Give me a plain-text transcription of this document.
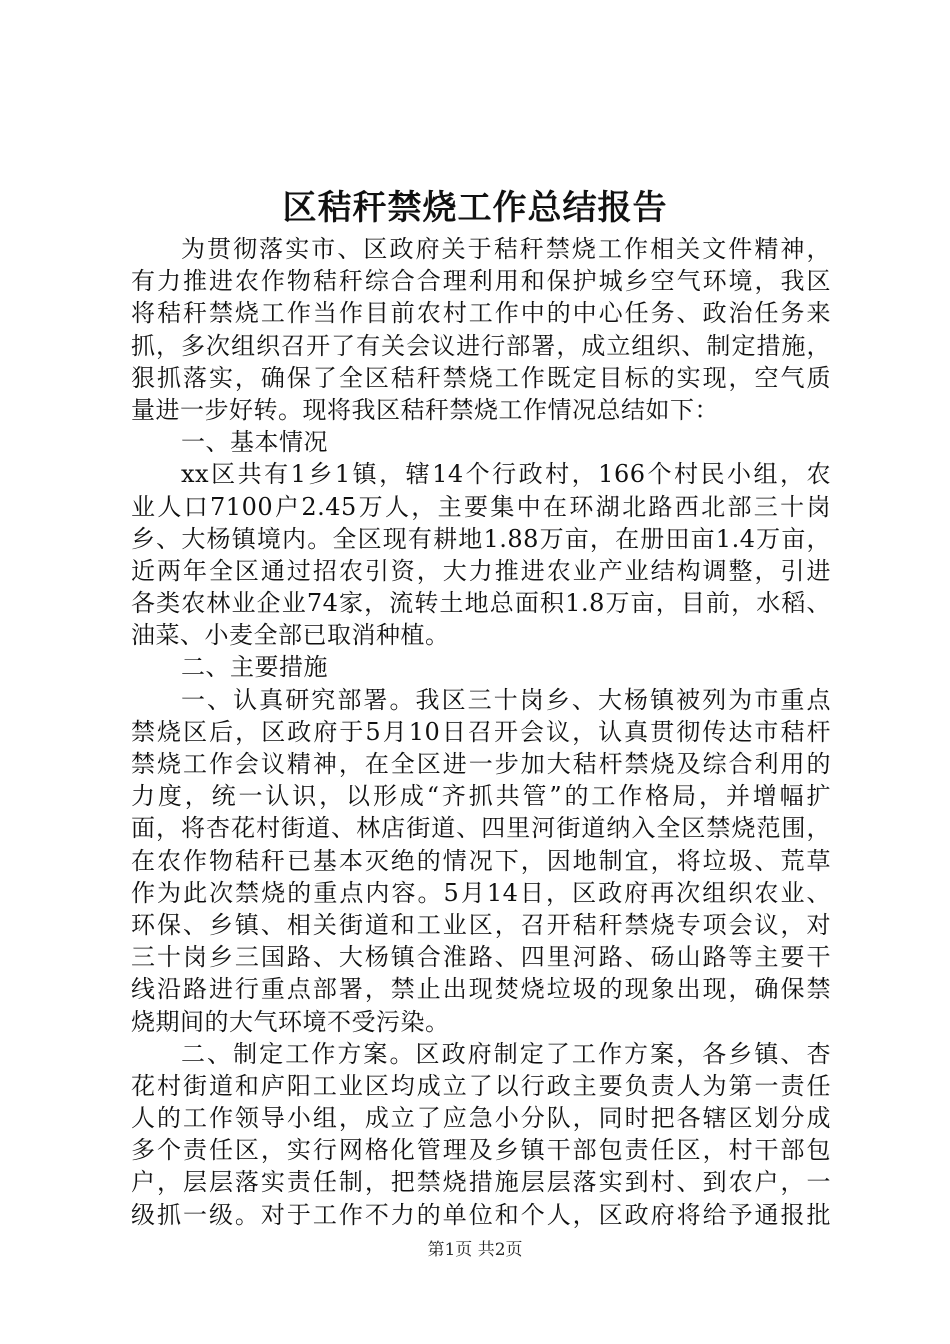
区秸秆禁烧工作总结报告
为贯彻落实市、区政府关于秸秆禁烧工作相关文件精神，
有力推进农作物秸秆综合合理利用和保护城乡空气环境，我区
将秸秆禁烧工作当作目前农村工作中的中心任务、政治任务来
抓，多次组织召开了有关会议进行部署，成立组织、制定措施，
狠抓落实，确保了全区秸秆禁烧工作既定目标的实现，空气质
量进一步好转。现将我区秸秆禁烧工作情况总结如下：
一、基本情况
xx区共有1乡1镇，辖14个行政村，166个村民小组，农
业人口7100户2.45万人，主要集中在环湖北路西北部三十岗
乡、大杨镇境内。全区现有耕地1.88万亩，在册田亩1.4万亩，
近两年全区通过招农引资，大力推进农业产业结构调整，引进
各类农林业企业74家，流转土地总面积1.8万亩，目前，水稻、
油菜、小麦全部已取消种植。
二、主要措施
一、认真研究部署。我区三十岗乡、大杨镇被列为市重点
禁烧区后，区政府于5月10日召开会议，认真贯彻传达市秸杆
禁烧工作会议精神，在全区进一步加大秸杆禁烧及综合利用的
力度，统一认识，以形成“齐抓共管”的工作格局，并增幅扩
面，将杏花村街道、林店街道、四里河街道纳入全区禁烧范围，
在农作物秸秆已基本灭绝的情况下，因地制宜，将垃圾、荒草
作为此次禁烧的重点内容。5月14日，区政府再次组织农业、
环保、乡镇、相关街道和工业区，召开秸秆禁烧专项会议，对
三十岗乡三国路、大杨镇合淮路、四里河路、砀山路等主要干
线沿路进行重点部署，禁止出现焚烧垃圾的现象出现，确保禁
烧期间的大气环境不受污染。
二、制定工作方案。区政府制定了工作方案，各乡镇、杏
花村街道和庐阳工业区均成立了以行政主要负责人为第一责任
人的工作领导小组，成立了应急小分队，同时把各辖区划分成
多个责任区，实行网格化管理及乡镇干部包责任区，村干部包
户，层层落实责任制，把禁烧措施层层落实到村、到农户，一
级抓一级。对于工作不力的单位和个人，区政府将给予通报批
第1页 共2页
